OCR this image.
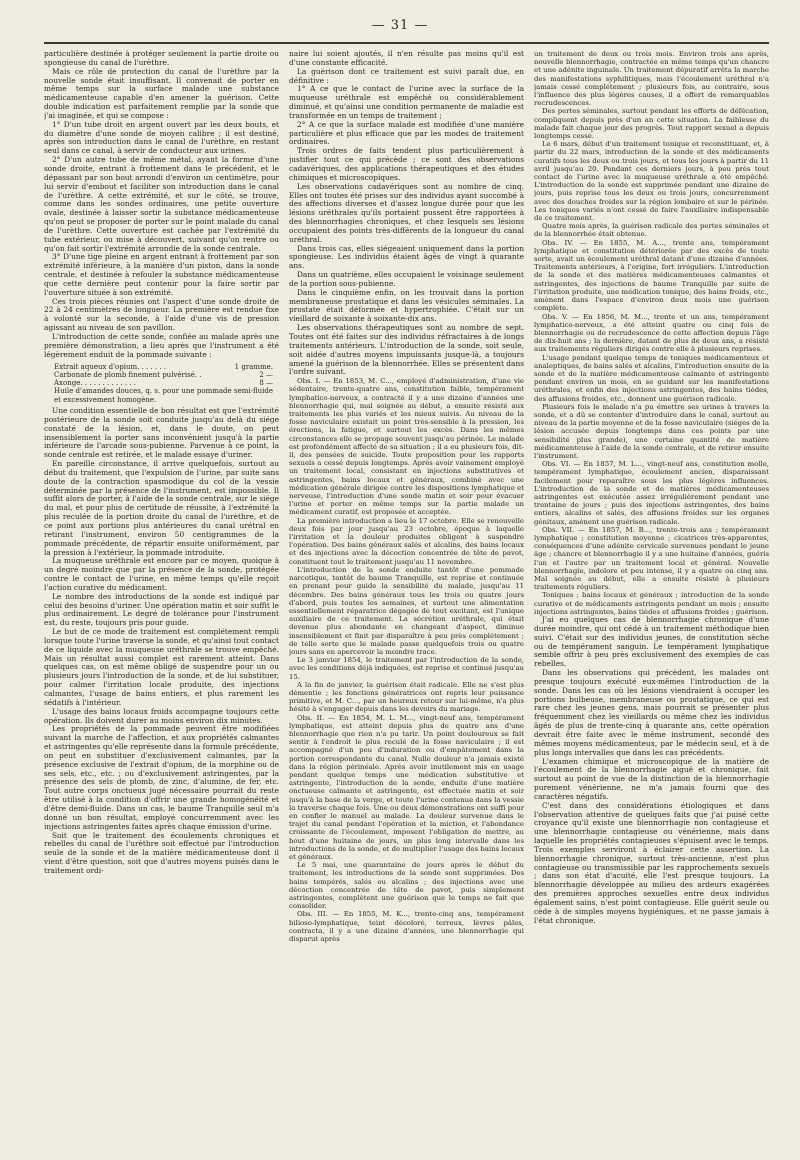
— 31 —

particulière destinée à protéger seulement la partie droite ou spongieuse du canal de l'urèthre.

Mais ce rôle de protection du canal de l'urèthre par la nouvelle sonde était insuffisant. Il convenait de porter en même temps sur la surface malade une substance médicamenteuse capable d'en amener la guérison. Cette double indication est parfaitement remplie par la sonde que j'ai imaginée, et qui se compose :

1° D'un tube droit en argent ouvert par les deux bouts, et du diamètre d'une sonde de moyen calibre ; il est destiné, après son introduction dans le canal de l'urèthre, en restant seul dans ce canal, à servir de conducteur aux urines.

2° D'un autre tube de même métal, ayant la forme d'une sonde droite, entrant à frottement dans le précédent, et le dépassant par son bout arrondi d'environ un centimètre, pour lui servir d'embout et faciliter son introduction dans le canal de l'urèthre. A cette extrémité, et sur le côté, se trouve, comme dans les sondes ordinaires, une petite ouverture ovale, destinée à laisser sortir la substance médicamenteuse qu'on peut se proposer de porter sur le point malade du canal de l'urèthre. Cette ouverture est cachée par l'extrémité du tube extérieur, ou mise à découvert, suivant qu'on rentre ou qu'on fait sortir l'extrémité arrondie de la sonde centrale.

3° D'une tige pleine en argent entrant à frottement par son extrémité inférieure, à la manière d'un piston, dans la sonde centrale, et destinée à refouler la substance médicamenteuse que cette dernière peut contenir pour la faire sortir par l'ouverture située à son extrémité.

Ces trois pièces réunies ont l'aspect d'une sonde droite de 22 à 24 centimètres de longueur. La première est rendue fixe à volonté sur la seconde, à l'aide d'une vis de pression agissant au niveau de son pavillon.

L'introduction de cette sonde, confiée au malade après une première démonstration, a lieu après que l'instrument a été légèrement enduit de la pommade suivante :

Extrait aqueux d'opium. . . . . . .	1 gramme.
Carbonate de plomb finement pulvérisé. .	2 —
Axonge. . . . . . . . . . . . .	8 —
Huile d'amandes douces, q. s. pour une pommade semi-fluide et excessivement homogène.

Une condition essentielle de bon résultat est que l'extrémité postérieure de la sonde soit conduite jusqu'au delà du siége constaté de la lésion, et, dans le doute, on peut insensiblement la porter sans inconvénient jusqu'à la partie inférieure de l'arcade sous-pubienne. Parvenue à ce point, la sonde centrale est retirée, et le malade essaye d'uriner.

En pareille circonstance, il arrive quelquefois, surtout au début du traitement, que l'expulsion de l'urine, par suite sans doute de la contraction spasmodique du col de la vessie déterminée par la présence de l'instrument, est impossible. Il suffit alors de porter, à l'aide de la sonde centrale, sur le siége du mal, et pour plus de certitude de réussite, à l'extrémité la plus reculée de la portion droite du canal de l'urèthre, et de ce point aux portions plus antérieures du canal urétral en retirant l'instrument, environ 50 centigrammes de la pommade précédente, de répartir ensuite uniformément, par la pression à l'extérieur, la pommade introduite.

La muqueuse uréthrale est encore par ce moyen, quoique à un degré moindre que par la présence de la sonde, protégée contre le contact de l'urine, en même temps qu'elle reçoit l'action curative du médicament.

Le nombre des introductions de la sonde est indiqué par celui des besoins d'uriner. Une opération matin et soir suffit le plus ordinairement. Le degré de tolérance pour l'instrument est, du reste, toujours pris pour guide.

Le but de ce mode de traitement est complétement rempli lorsque toute l'urine traverse la sonde, et qu'ainsi tout contact de ce liquide avec la muqueuse uréthrale se trouve empêché. Mais un résultat aussi complet est rarement atteint. Dans quelques cas, on est même obligé de suspendre pour un ou plusieurs jours l'introduction de la sonde, et de lui substituer, pour calmer l'irritation locale produite, des injections calmantes, l'usage de bains entiers, et plus rarement les sédatifs à l'intérieur.

L'usage des bains locaux froids accompagne toujours cette opération. Ils doivent durer au moins environ dix minutes.

Les propriétés de la pommade peuvent être modifiées suivant la marche de l'affection, et aux propriétés calmantes et astringentes qu'elle représente dans la formule précédente, on peut en substituer d'exclusivement calmantes, par la présence exclusive de l'extrait d'opium, de la morphine ou de ses sels, etc., etc. ; ou d'exclusivement astringentes, par la présence des sels de plomb, de zinc, d'alumine, de fer, etc. Tout autre corps onctueux jugé nécessaire pourrait du reste être utilisé à la condition d'offrir une grande homogénéité et d'être demi-fluide. Dans un cas, le baume Tranquille seul m'a donné un bon résultat, employé concurremment avec les injections astringentes faites après chaque émission d'urine.

Soit que le traitement des écoulements chroniques et rebelles du canal de l'urèthre soit effectué par l'introduction seule de la sonde et de la matière médicamenteuse dont il vient d'être question, soit que d'autres moyens puisés dans le traitement ordi-

naire lui soient ajoutés, il n'en résulte pas moins qu'il est d'une constante efficacité.

La guérison dont ce traitement est suivi paraît due, en définitive :

1° A ce que le contact de l'urine avec la surface de la muqueuse uréthrale est empêché ou considérablement diminué, et qu'ainsi une condition permanente de maladie est transformée en un temps de traitement ;

2° A ce que la surface malade est modifiée d'une manière particulière et plus efficace que par les modes de traitement ordinaires.

Trois ordres de faits tendent plus particulièrement à justifier tout ce qui précède ; ce sont des observations cadavériques, des applications thérapeutiques et des études chimiques et microscopiques.

Les observations cadavériques sont au nombre de cinq. Elles ont toutes été prises sur des individus ayant succombé à des affections diverses et d'assez longue durée pour que les lésions uréthrales qu'ils portaient pussent être rapportées à des blennorrhagies chroniques, et chez lesquels ses lésions occupaient des points très-différents de la longueur du canal uréthral.

Dans trois cas, elles siégeaient uniquement dans la portion spongieuse. Les individus étaient âgés de vingt à quarante ans.

Dans un quatrième, elles occupaient le voisinage seulement de la portion sous-pubienne.

Dans le cinquième enfin, on les trouvait dans la portion membraneuse prostatique et dans les vésicules séminales. La prostate était déformée et hypertrophiée. C'était sur un vieillard de soixante à soixante-dix ans.

Les observations thérapeutiques sont au nombre de sept. Toutes ont été faites sur des individus réfractaires à de longs traitements antérieurs. L'introduction de la sonde, soit seule, soit aidée d'autres moyens impuissants jusque-là, a toujours amené la guérison de la blennorrhée. Elles se présentent dans l'ordre suivant.

Obs. I. — En 1853, M. C..., employé d'administration, d'une vie sédentaire, trente-quatre ans, constitution faible, tempérament lymphatico-nerveux, a contracté il y a une dizaine d'années une blennorrhagie qui, mal soignée au début, a ensuite résisté aux traitements les plus variés et les mieux suivis. Au niveau de la fosse naviculaire existait un point très-sensible à la pression, les érections, la fatigue, et surtout les excès. Dans les mêmes circonstances elle se propage souvent jusqu'au périnée. Le malade est profondément affecté de sa situation ; il a eu plusieurs fois, dit-il, des pensées de suicide. Toute proposition pour les rapports sexuels a cessé depuis longtemps. Après avoir vainement employé un traitement local, consistant en injections substitutives et astringentes, bains locaux et généraux, combiné avec une médication générale dirigée contre les dispositions lymphatique et nerveuse, l'introduction d'une sonde matin et soir pour évacuer l'urine et porter en même temps sur la partie malade un médicament curatif, est proposée et acceptée.

La première introduction a lieu le 17 octobre. Elle se renouvelle deux fois par jour jusqu'au 23 octobre, époque à laquelle l'irritation et la douleur produites obligent à suspendre l'opération. Des bains généraux salés et alcalins, des bains locaux et des injections avec la décoction concentrée de tête de pavot, constituent tout le traitement jusqu'au 11 novembre.

L'introduction de la sonde enduite tantôt d'une pommade narcotique, tantôt de baume Tranquille, est reprise et continuée en prenant pour guide la sensibilité du malade, jusqu'au 11 décembre. Des bains généraux tous les trois ou quatre jours d'abord, puis toutes les semaines, et surtout une alimentation essentiellement réparatrice dégagée de tout excitant, est l'unique auxiliaire de ce traitement. La sécrétion uréthrale, qui était devenue plus abondante en changeant d'aspect, diminue insensiblement et finit par disparaître à peu près complétement ; de telle sorte que le malade passe quelquefois trois ou quatre jours sans en apercevoir la moindre trace.

Le 3 janvier 1854, le traitement par l'introduction de la sonde, avec les conditions déjà indiquées, est reprise et continué jusqu'au 15.

A la fin de janvier, la guérison était radicale. Elle ne s'est plus démentie ; les fonctions génératrices ont repris leur puissance primitive, et M. C..., par un heureux retour sur lui-même, n'a plus hésité à s'engager depuis dans les devoirs du mariage.

Obs. II. — En 1854, M. L. M..., vingt-neuf ans, tempérament lymphatique, est atteint depuis plus de quatre ans d'une blennorrhagie que rien n'a pu tarir. Un point douloureux se fait sentir à l'endroit le plus reculé de la fosse naviculaire ; il est accompagné d'un peu d'induration ou d'empâtement dans la portion correspondante du canal. Nulle douleur n'a jamais existé dans la région périnéale. Après avoir inutilement mis en usage pendant quelque temps une médication substitutive et astringente, l'introduction de la sonde, enduite d'une matière onctueuse calmante et astringente, est effectuée matin et soir jusqu'à la base de la verge, et toute l'urine contenue dans la vessie la traverse chaque fois. Une ou deux démonstrations ont suffi pour en confier le manuel au malade. La douleur survenue dans le trajet du canal pendant l'opération et la miction, et l'abondance croissante de l'écoulement, imposent l'obligation de mettre, au bout d'une huitaine de jours, un plus long intervalle dans les introductions de la sonde, et de multiplier l'usage des bains locaux et généraux.

Le 5 mai, une quarantaine de jours après le début du traitement, les introductions de la sonde sont supprimées. Des bains tempérés, salés ou alcalins ; des injections avec une décoction concentrée de tête de pavot, puis simplement astringentes, complètent une guérison que le temps ne fait que consolider.

Obs. III. — En 1855, M. K..., trente-cinq ans, tempérament bilioso-lymphatique, teint décoloré, terreux, lèvres pâles, contracta, il y a une dizaine d'années, une blennorrhagie qui disparut après

un traitement de deux ou trois mois. Environ trois ans après, nouvelle blennorrhagie, contractée en même temps qu'un chancre et une adénite inguinale. Un traitement dépuratif arrêta la marche des manifestations syphilitiques, mais l'écoulement uréthral n'a jamais cessé complétement ; plusieurs fois, au contraire, sous l'influence des plus légères causes, il a offert de remarquables recrudescences.

Des pertes séminales, surtout pendant les efforts de défécation, compliquent depuis près d'un an cette situation. La faiblesse du malade fait chaque jour des progrès. Tout rapport sexuel a depuis longtemps cessé.

Le 6 mars, début d'un traitement tonique et reconstituant, et, à partir du 22 mars, introduction de la sonde et des médicaments curatifs tous les deux ou trois jours, et tous les jours à partir du 11 avril jusqu'au 20. Pendant ces derniers jours, à peu près tout contact de l'urine avec la muqueuse uréthrale a été empêché. L'introduction de la sonde est supprimée pendant une dizaine de jours, puis reprise tous les deux ou trois jours, concurremment avec des douches froides sur la région lombaire et sur le périnée. Les toniques variés n'ont cessé de faire l'auxiliaire indispensable de ce traitement.

Quatre mois après, la guérison radicale des pertes séminales et de la blennorrhée était obtenue.

Obs. IV. — En 1855, M. A..., trente ans, tempérament lymphatique et constitution détériorée par des excès de toute sorte, avait un écoulement uréthral datant d'une dizaine d'années. Traitements antérieurs, à l'origine, fort irréguliers. L'introduction de la sonde et des matières médicamenteuses calmantes et astringentes, des injections de baume Tranquille par suite de l'irritation produite, une médication tonique, des bains froids, etc., amènent dans l'espace d'environ deux mois une guérison complète.

Obs. V. — En 1856, M. M..., trente et un ans, tempérament lymphatico-nerveux, a été atteint quatre ou cinq fois de blennorrhagie ou de recrudescence de cette affection depuis l'âge de dix-huit ans ; la dernière, datant de plus de deux ans, a résisté aux traitements réguliers dirigés contre elle à plusieurs reprises.

L'usage pendant quelque temps de toniques médicamenteux et analeptiques, de bains salés et alcalins, l'introduction ensuite de la sonde et de la matière médicamenteuse calmante et astringente pendant environ un mois, en se guidant sur les manifestations uréthrales, et enfin des injections astringentes, des bains tièdes, des affusions froides, etc., donnent une guérison radicale.

Plusieurs fois le malade n'a pu émettre ses urines à travers la sonde, et a dû se contenter d'introduire dans le canal, surtout au niveau de la partie moyenne et de la fosse naviculaire (siéges de la lésion accusée depuis longtemps dans ces points par une sensibilité plus grande), une certaine quantité de matière médicamenteuse à l'aide de la sonde centrale, et de retirer ensuite l'instrument.

Obs. VI. — En 1857, M. L..., vingt-neuf ans, constitution molle, tempérament lymphatique, écoulement ancien, disparaissant facilement pour reparaître sous les plus légères influences. L'introduction de la sonde et de matières médicamenteuses astringentes est exécutée assez irrégulièrement pendant une trentaine de jours ; puis des injections astringentes, des bains entiers, alcalins et salés, des affusions froides sur les organes génitaux, amènent une guérison radicale.

Obs. VII. — En 1857, M. B..., trente-trois ans ; tempérament lymphatique ; constitution moyenne ; cicatrices très-apparentes, conséquences d'une adénite cervicale survenues pendant le jeune âge ; chancre et blennorrhagie il y a une huitaine d'années, guéris l'un et l'autre par un traitement local et général. Nouvelle blennorrhagie, indolore et peu intense, il y a quatre ou cinq ans. Mal soignée au début, elle a ensuite résisté à plusieurs traitements réguliers.

Toniques ; bains locaux et généraux ; introduction de la sonde curative et de médicaments astringents pendant un mois ; ensuite injections astringentes, bains tièdes et affusions froides ; guérison.

J'ai eu quelques cas de blennorrhagie chronique d'une durée moindre, qui ont cédé à un traitement méthodique bien suivi. C'était sur des individus jeunes, de constitution sèche ou de tempérament sanguin. Le tempérament lymphatique semble offrir à peu près exclusivement des exemples de cas rebelles.

Dans les observations qui précèdent, les malades ont presque toujours exécuté eux-mêmes l'introduction de la sonde. Dans les cas où les lésions viendraient à occuper les portions bulbeuse, membraneuse ou prostatique, ce qui est rare chez les jeunes gens, mais pourrait se présenter plus fréquemment chez les vieillards ou même chez les individus âgés de plus de trente-cinq à quarante ans, cette opération devrait être faite avec le même instrument, secondé des mêmes moyens médicamenteux, par le médecin seul, et à de plus longs intervalles que dans les cas précédents.

L'examen chimique et microscopique de la matière de l'écoulement de la blennorrhagie aiguë et chronique, fait surtout au point de vue de la distinction de la blennorrhagie purement vénérienne, ne m'a jamais fourni que des caractères négatifs.

C'est dans des considérations étiologiques et dans l'observation attentive de quelques faits que j'ai puisé cette croyance qu'il existe une blennorrhagie non contagieuse et une blennorrhagie contagieuse ou vénérienne, mais dans laquelle les propriétés contagieuses s'épuisent avec le temps. Trois exemples serviront à éclairer cette assertion. La blennorrhagie chronique, surtout très-ancienne, n'est plus contagieuse ou transmissible par les rapprochements sexuels ; dans son état d'acuité, elle l'est presque toujours. La blennorrhagie développée au milieu des ardeurs exagérées des premières approches sexuelles entre deux individus également sains, n'est point contagieuse. Elle guérit seule ou cède à de simples moyens hygiéniques, et ne passe jamais à l'état chronique.
